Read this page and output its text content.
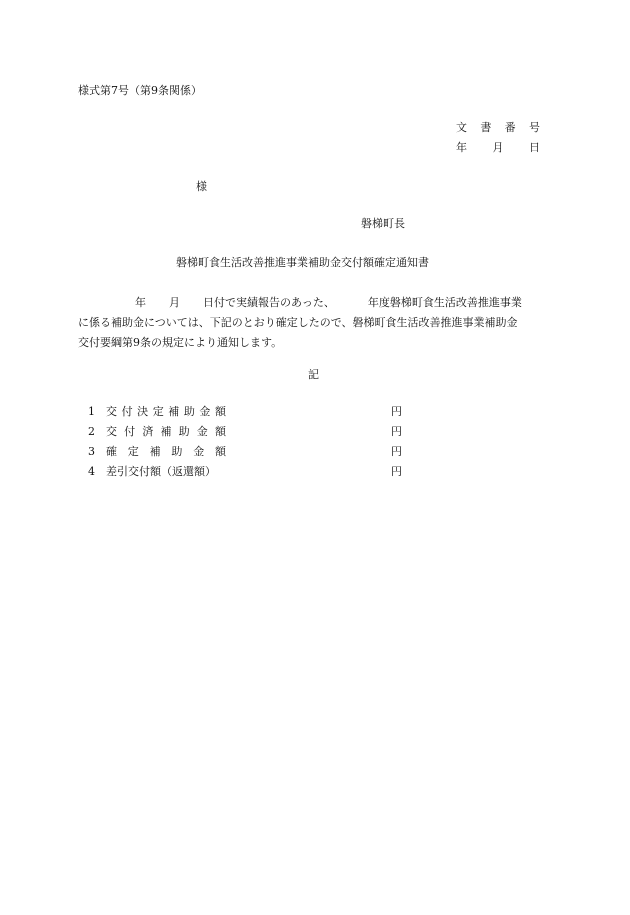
様式第7号（第9条関係）
文 書 番 号
年 月 日
様
磐梯町長
磐梯町食生活改善推進事業補助金交付額確定通知書
年 月 日付で実績報告のあった、	年度磐梯町食生活改善推進事業
に係る補助金については、下記のとおり確定したので、磐梯町食生活改善推進事業補助金
交付要綱第9条の規定により通知します。
記
1 交 付 決 定 補 助 金 額	円
2 交 付 済 補 助 金 額	円
3 確 定 補 助 金 額	円
4 差引交付額（返還額）	円
